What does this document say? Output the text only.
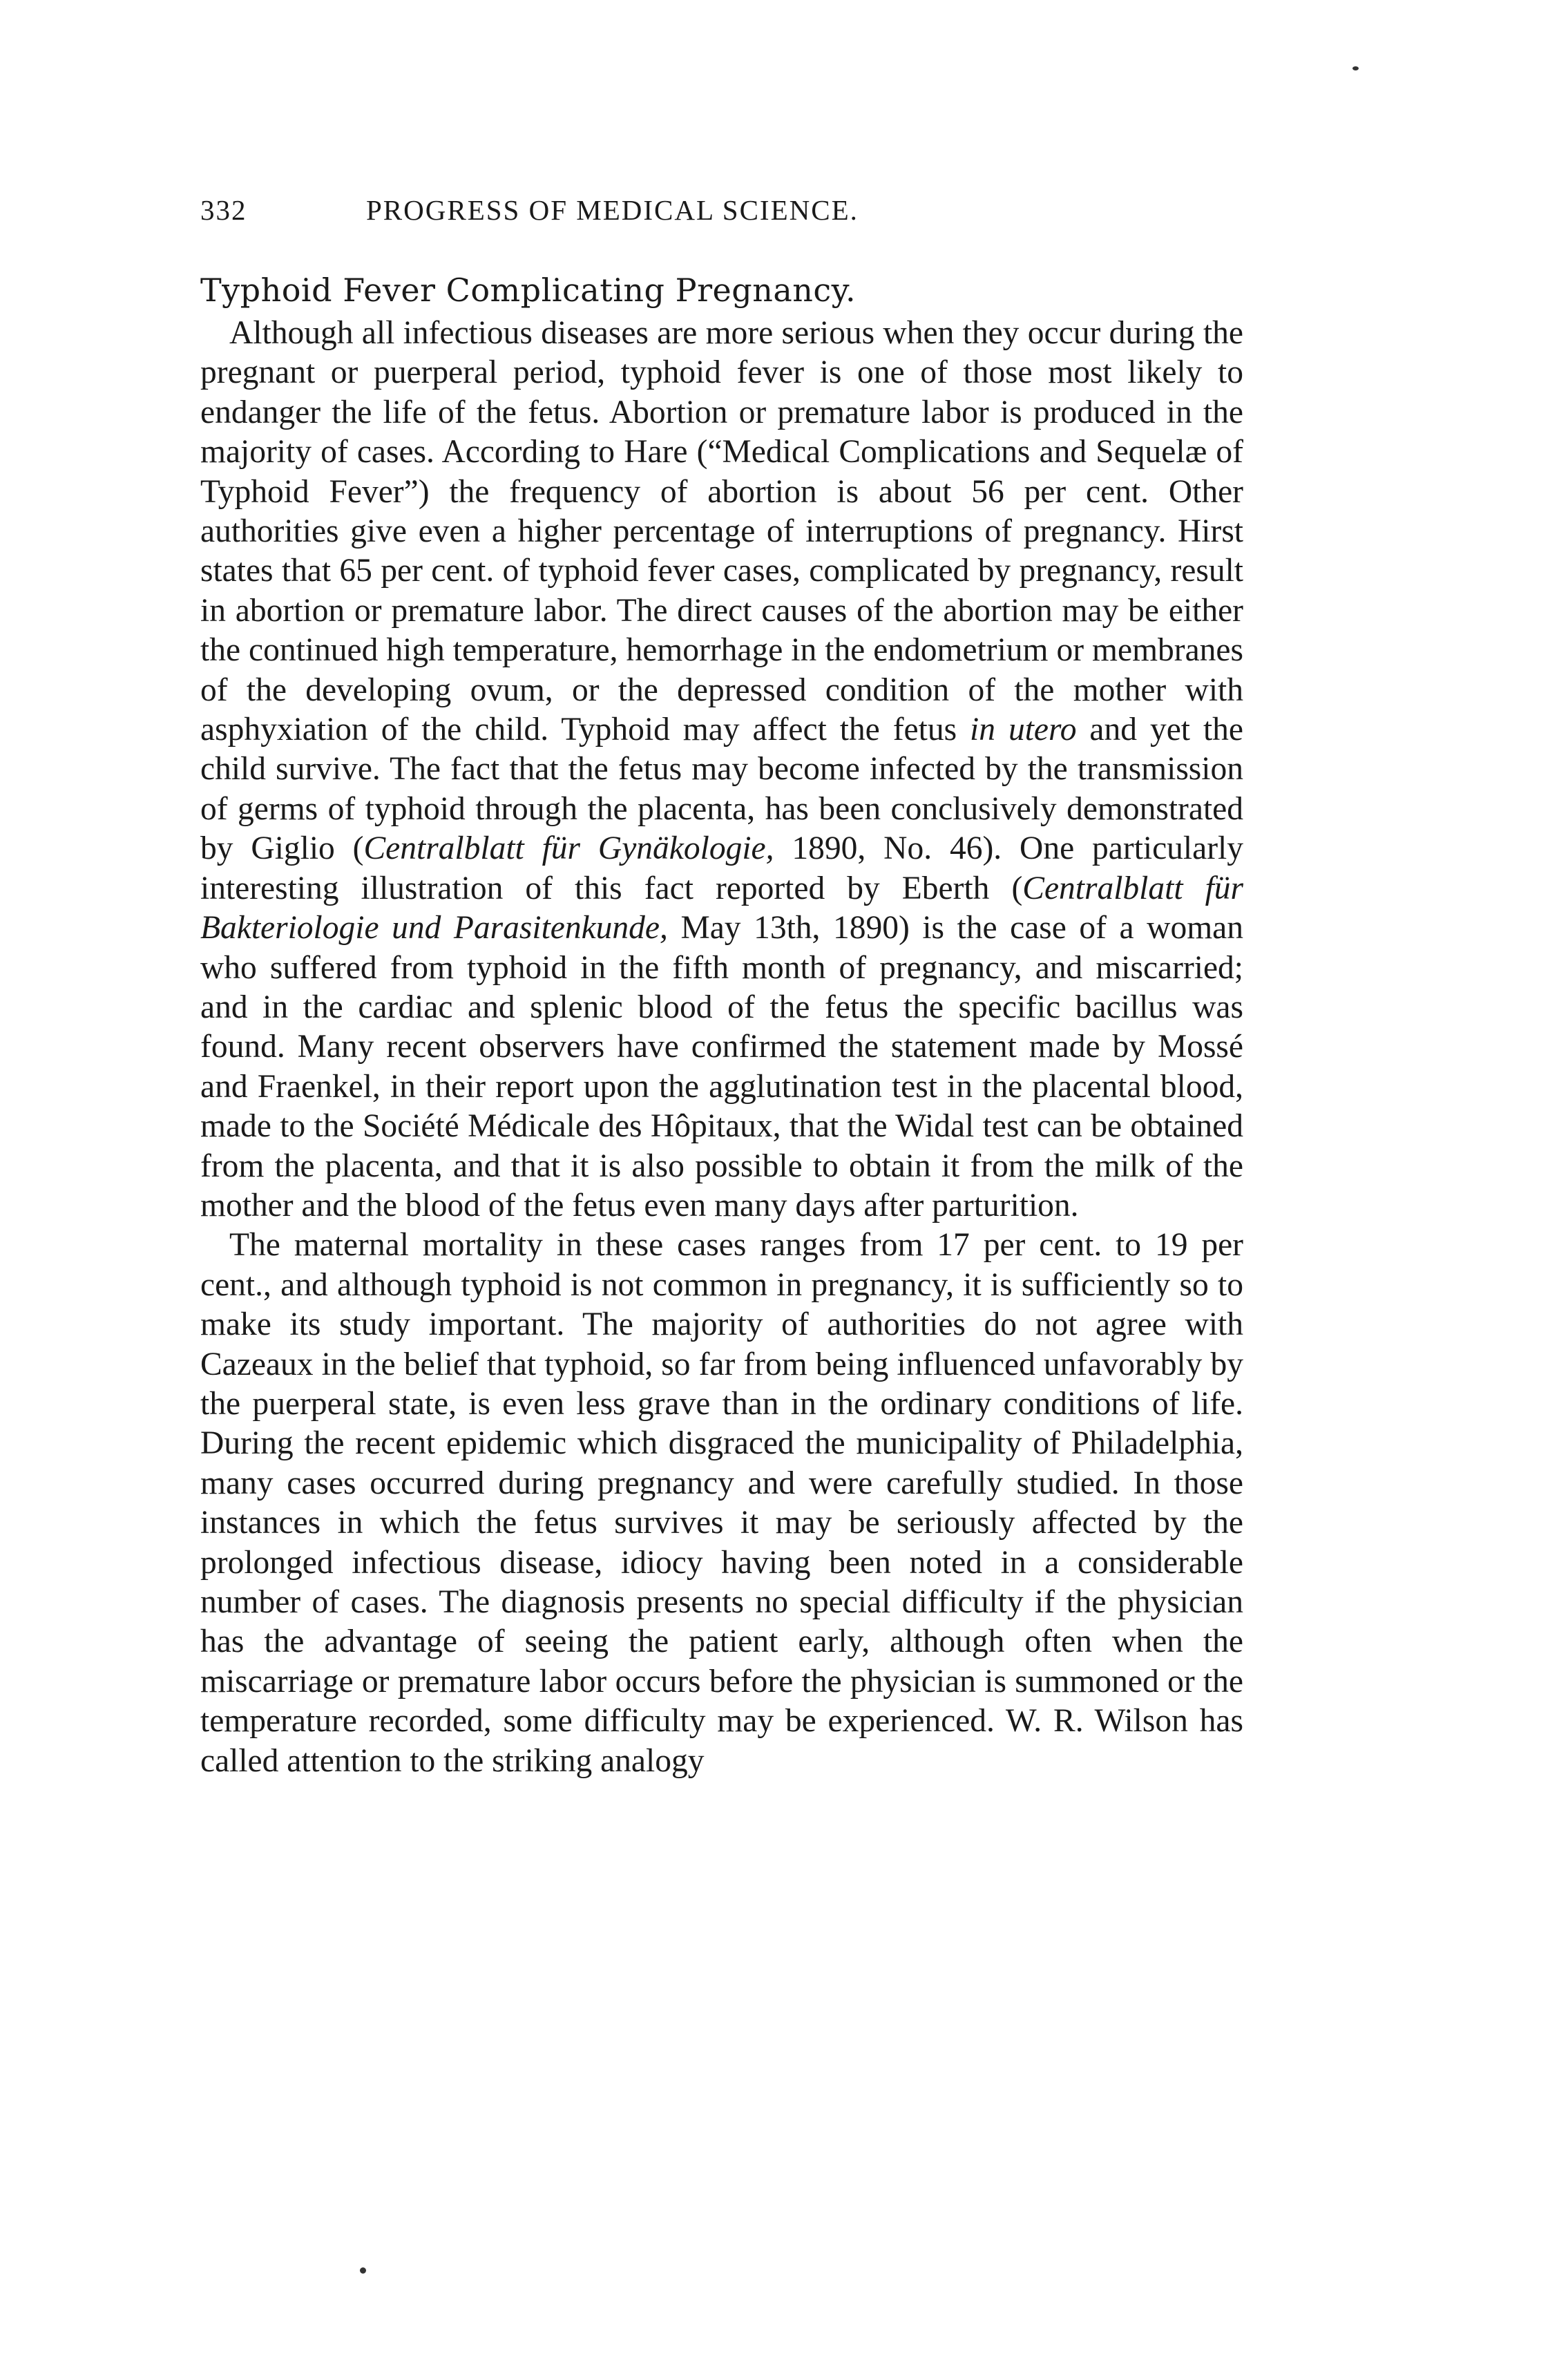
332	PROGRESS OF MEDICAL SCIENCE.
Typhoid Fever Complicating Pregnancy.

Although all infectious diseases are more serious when they occur during the pregnant or puerperal period, typhoid fever is one of those most likely to endanger the life of the fetus. Abortion or premature labor is produced in the majority of cases. According to Hare (“Medical Complications and Sequelæ of Typhoid Fever”) the frequency of abortion is about 56 per cent. Other authorities give even a higher percentage of interruptions of pregnancy. Hirst states that 65 per cent. of typhoid fever cases, complicated by pregnancy, result in abortion or premature labor. The direct causes of the abortion may be either the continued high temperature, hemorrhage in the endometrium or membranes of the developing ovum, or the depressed condition of the mother with asphyxiation of the child. Typhoid may affect the fetus in utero and yet the child survive. The fact that the fetus may become infected by the transmission of germs of typhoid through the placenta, has been conclusively demonstrated by Giglio (Centralblatt für Gynäkologie, 1890, No. 46). One particularly interesting illustration of this fact reported by Eberth (Centralblatt für Bakteriologie und Parasitenkunde, May 13th, 1890) is the case of a woman who suffered from typhoid in the fifth month of pregnancy, and miscarried; and in the cardiac and splenic blood of the fetus the specific bacillus was found. Many recent observers have confirmed the statement made by Mossé and Fraenkel, in their report upon the agglutination test in the placental blood, made to the Société Médicale des Hôpitaux, that the Widal test can be obtained from the placenta, and that it is also possible to obtain it from the milk of the mother and the blood of the fetus even many days after parturition.

The maternal mortality in these cases ranges from 17 per cent. to 19 per cent., and although typhoid is not common in pregnancy, it is sufficiently so to make its study important. The majority of authorities do not agree with Cazeaux in the belief that typhoid, so far from being influenced unfavorably by the puerperal state, is even less grave than in the ordinary conditions of life. During the recent epidemic which disgraced the municipality of Philadelphia, many cases occurred during pregnancy and were carefully studied. In those instances in which the fetus survives it may be seriously affected by the prolonged infectious disease, idiocy having been noted in a considerable number of cases. The diagnosis presents no special difficulty if the physician has the advantage of seeing the patient early, although often when the miscarriage or premature labor occurs before the physician is summoned or the temperature recorded, some difficulty may be experienced. W. R. Wilson has called attention to the striking analogy
